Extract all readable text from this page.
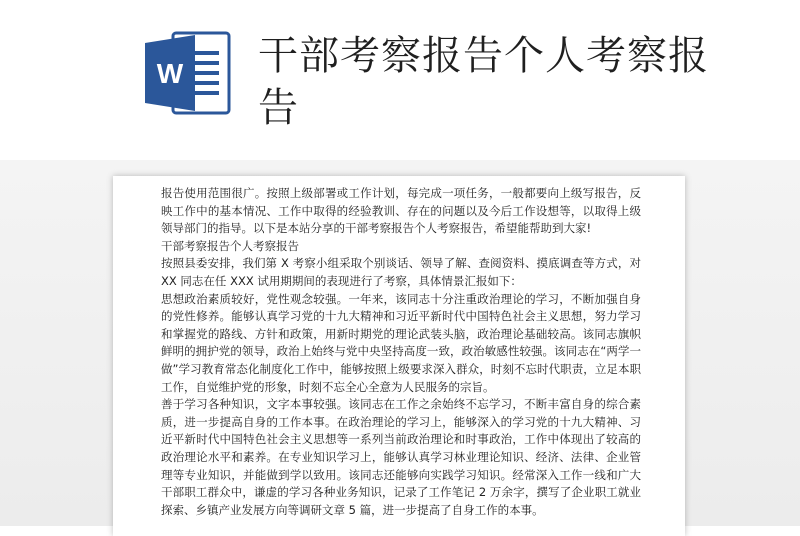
W 干部考察报告个人考察报告

报告使用范围很广。按照上级部署或工作计划，每完成一项任务，一般都要向上级写报告，反映工作中的基本情况、工作中取得的经验教训、存在的问题以及今后工作设想等，以取得上级领导部门的指导。以下是本站分享的干部考察报告个人考察报告，希望能帮助到大家!

干部考察报告个人考察报告

按照县委安排，我们第 X 考察小组采取个别谈话、领导了解、查阅资料、摸底调查等方式，对 XX 同志在任 XXX 试用期期间的表现进行了考察，具体情景汇报如下：

思想政治素质较好，党性观念较强。一年来，该同志十分注重政治理论的学习，不断加强自身的党性修养。能够认真学习党的十九大精神和习近平新时代中国特色社会主义思想，努力学习和掌握党的路线、方针和政策，用新时期党的理论武装头脑，政治理论基础较高。该同志旗帜鲜明的拥护党的领导，政治上始终与党中央坚持高度一致，政治敏感性较强。该同志在“两学一做”学习教育常态化制度化工作中，能够按照上级要求深入群众，时刻不忘时代职责，立足本职工作，自觉维护党的形象，时刻不忘全心全意为人民服务的宗旨。

善于学习各种知识，文字本事较强。该同志在工作之余始终不忘学习，不断丰富自身的综合素质，进一步提高自身的工作本事。在政治理论的学习上，能够深入的学习党的十九大精神、习近平新时代中国特色社会主义思想等一系列当前政治理论和时事政治，工作中体现出了较高的政治理论水平和素养。在专业知识学习上，能够认真学习林业理论知识、经济、法律、企业管理等专业知识，并能做到学以致用。该同志还能够向实践学习知识。经常深入工作一线和广大干部职工群众中，谦虚的学习各种业务知识，记录了工作笔记 2 万余字，撰写了企业职工就业探索、乡镇产业发展方向等调研文章 5 篇，进一步提高了自身工作的本事。
